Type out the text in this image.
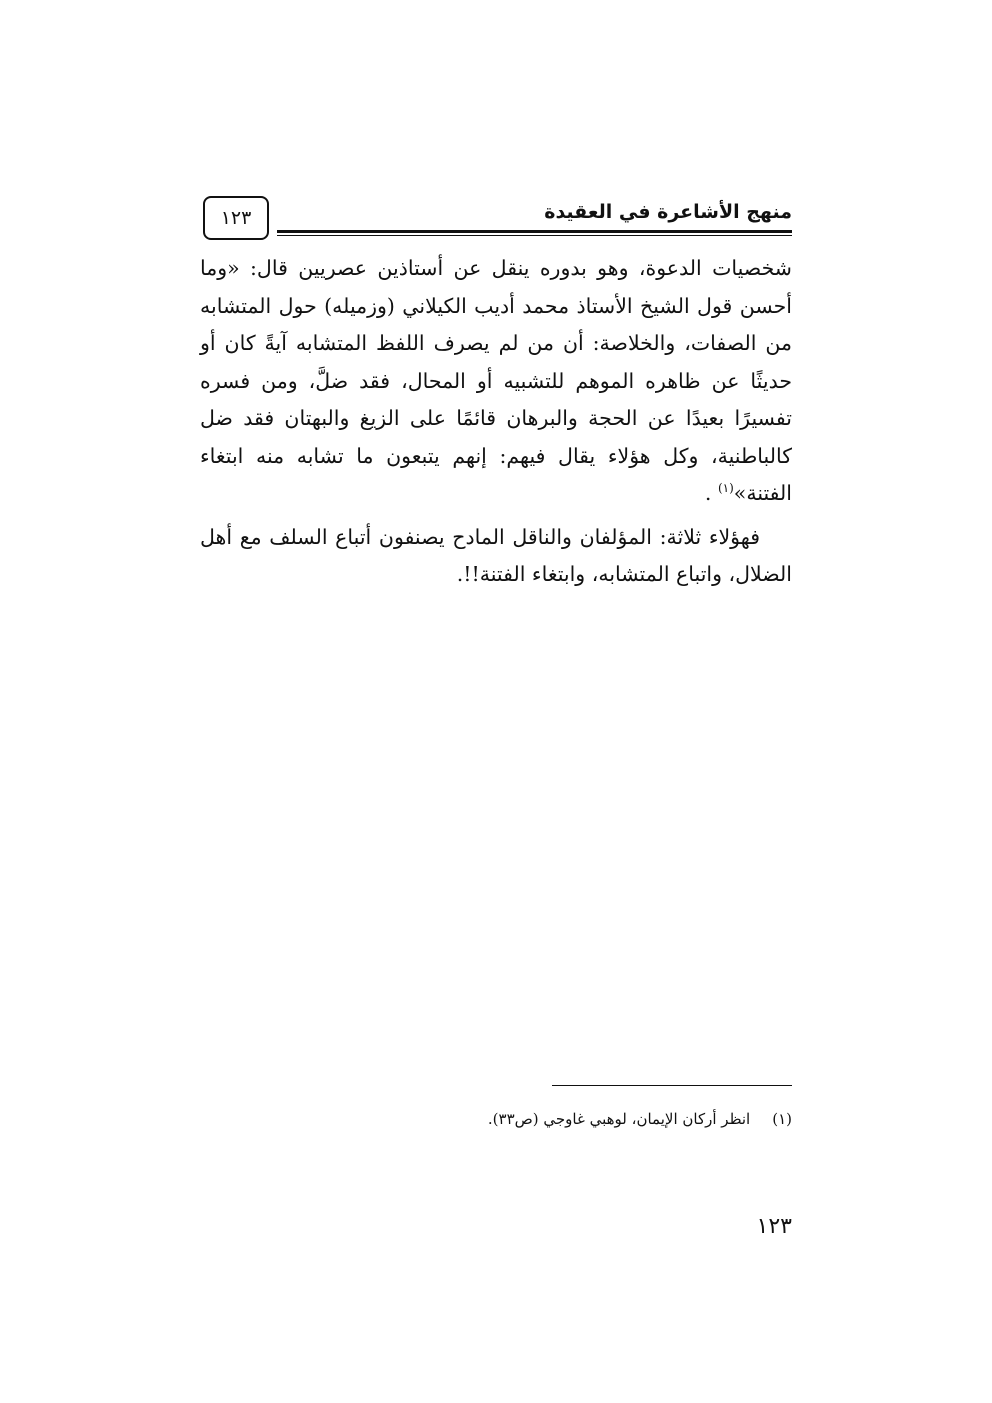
١٢٣	منهج الأشاعرة في العقيدة

شخصيات الدعوة، وهو بدوره ينقل عن أستاذين عصريين قال: «وما أحسن قول الشيخ الأستاذ محمد أديب الكيلاني (وزميله) حول المتشابه من الصفات، والخلاصة: أن من لم يصرف اللفظ المتشابه آيةً كان أو حديثًا عن ظاهره الموهم للتشبيه أو المحال، فقد ضلَّ، ومن فسره تفسيرًا بعيدًا عن الحجة والبرهان قائمًا على الزيغ والبهتان فقد ضل كالباطنية، وكل هؤلاء يقال فيهم: إنهم يتبعون ما تشابه منه ابتغاء الفتنة»$^{(١)}$ .

فهؤلاء ثلاثة: المؤلفان والناقل المادح يصنفون أتباع السلف مع أهل الضلال، واتباع المتشابه، وابتغاء الفتنة!!.

(١)انظر أركان الإيمان، لوهبي غاوجي (ص٣٣).
١٢٣
